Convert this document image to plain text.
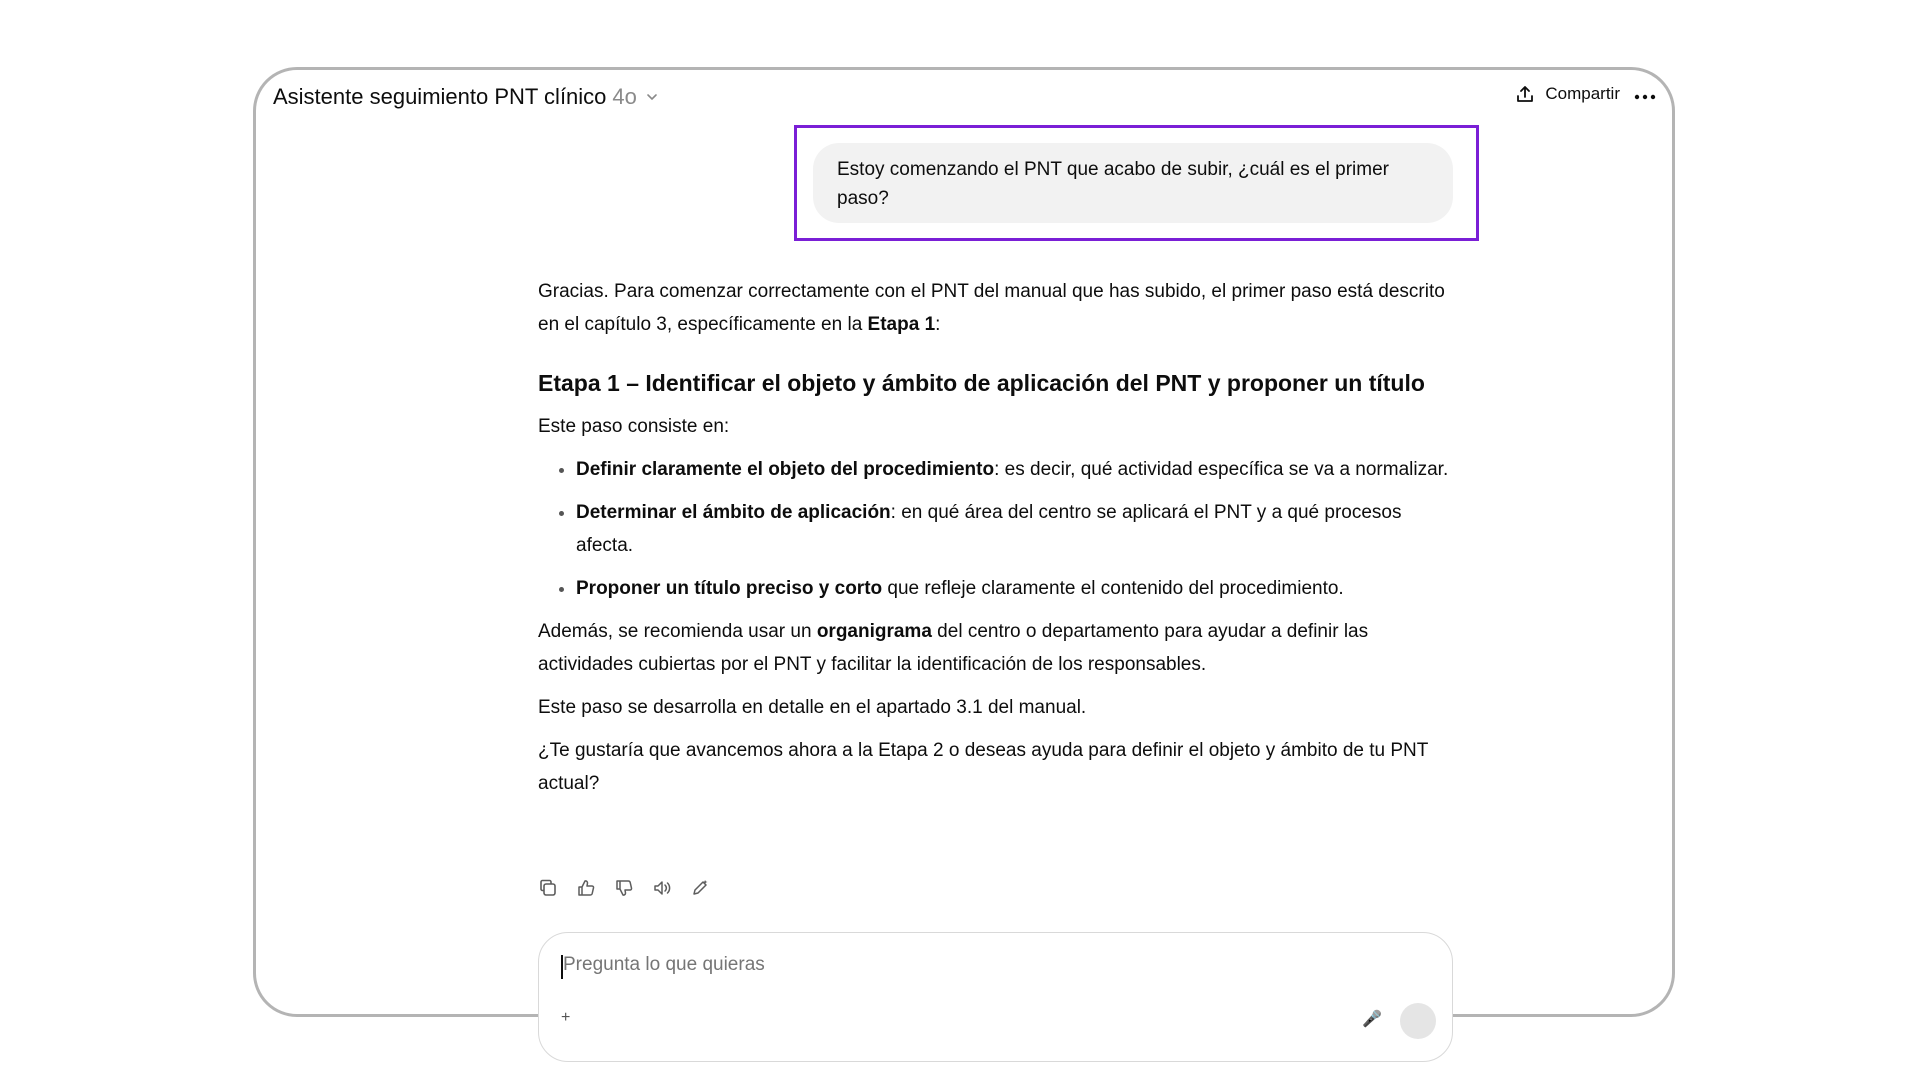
Asistente seguimiento PNT clínico 4o	Compartir
Estoy comenzando el PNT que acabo de subir, ¿cuál es el primer paso?

Gracias. Para comenzar correctamente con el PNT del manual que has subido, el primer paso está descrito en el capítulo 3, específicamente en la Etapa 1:

Etapa 1 – Identificar el objeto y ámbito de aplicación del PNT y proponer un título

Este paso consiste en:

• Definir claramente el objeto del procedimiento: es decir, qué actividad específica se va a normalizar.
• Determinar el ámbito de aplicación: en qué área del centro se aplicará el PNT y a qué procesos afecta.
• Proponer un título preciso y corto que refleje claramente el contenido del procedimiento.

Además, se recomienda usar un organigrama del centro o departamento para ayudar a definir las actividades cubiertas por el PNT y facilitar la identificación de los responsables.

Este paso se desarrolla en detalle en el apartado 3.1 del manual.

¿Te gustaría que avancemos ahora a la Etapa 2 o deseas ayuda para definir el objeto y ámbito de tu PNT actual?

Pregunta lo que quieras
+	🎤
